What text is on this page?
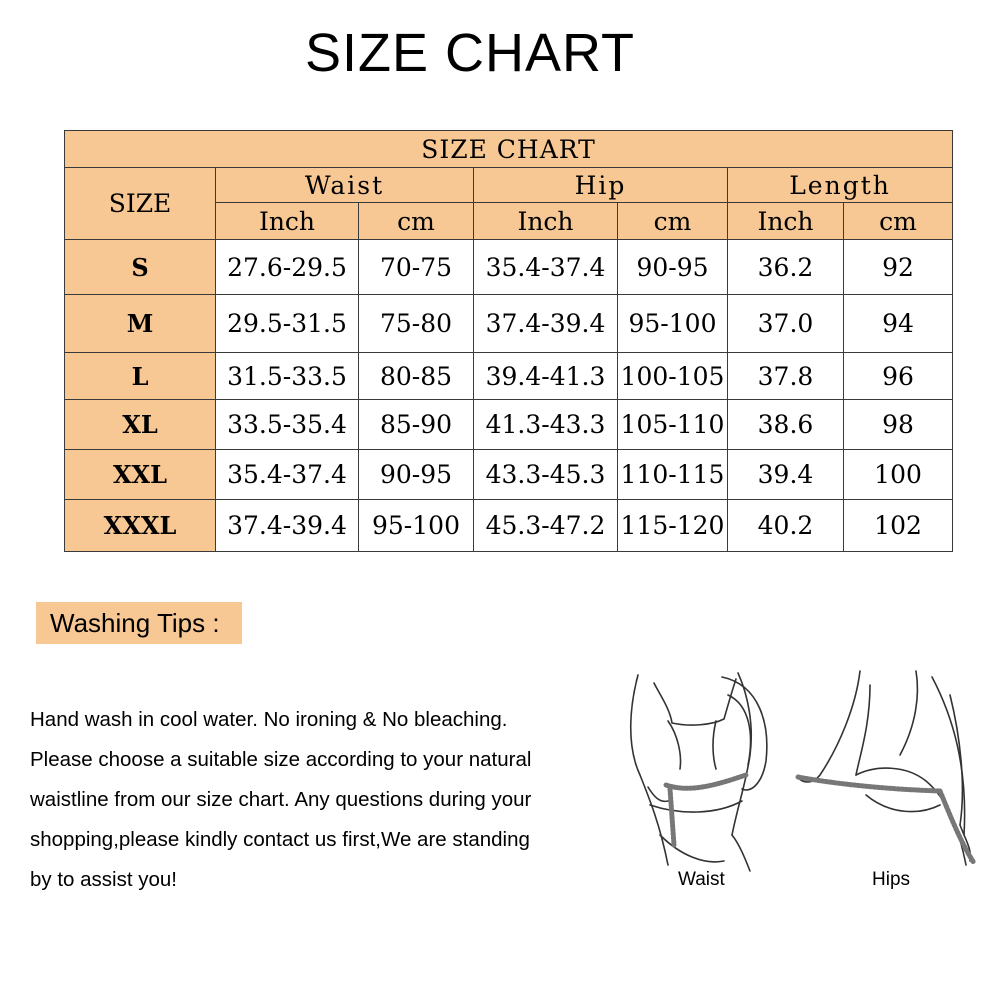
SIZE CHART
SIZE CHART						
SIZE	Waist		Hip		Length	
	Inch	cm	Inch	cm	Inch	cm
S	27.6-29.5	70-75	35.4-37.4	90-95	36.2	92
M	29.5-31.5	75-80	37.4-39.4	95-100	37.0	94
L	31.5-33.5	80-85	39.4-41.3	100-105	37.8	96
XL	33.5-35.4	85-90	41.3-43.3	105-110	38.6	98
XXL	35.4-37.4	90-95	43.3-45.3	110-115	39.4	100
XXXL	37.4-39.4	95-100	45.3-47.2	115-120	40.2	102
Washing Tips :
Hand wash in cool water. No ironing & No bleaching.
Please choose a suitable size according to your natural
waistline from our size chart. Any questions during your
shopping,please kindly contact us first,We are standing
by to assist you!	Waist	Hips
